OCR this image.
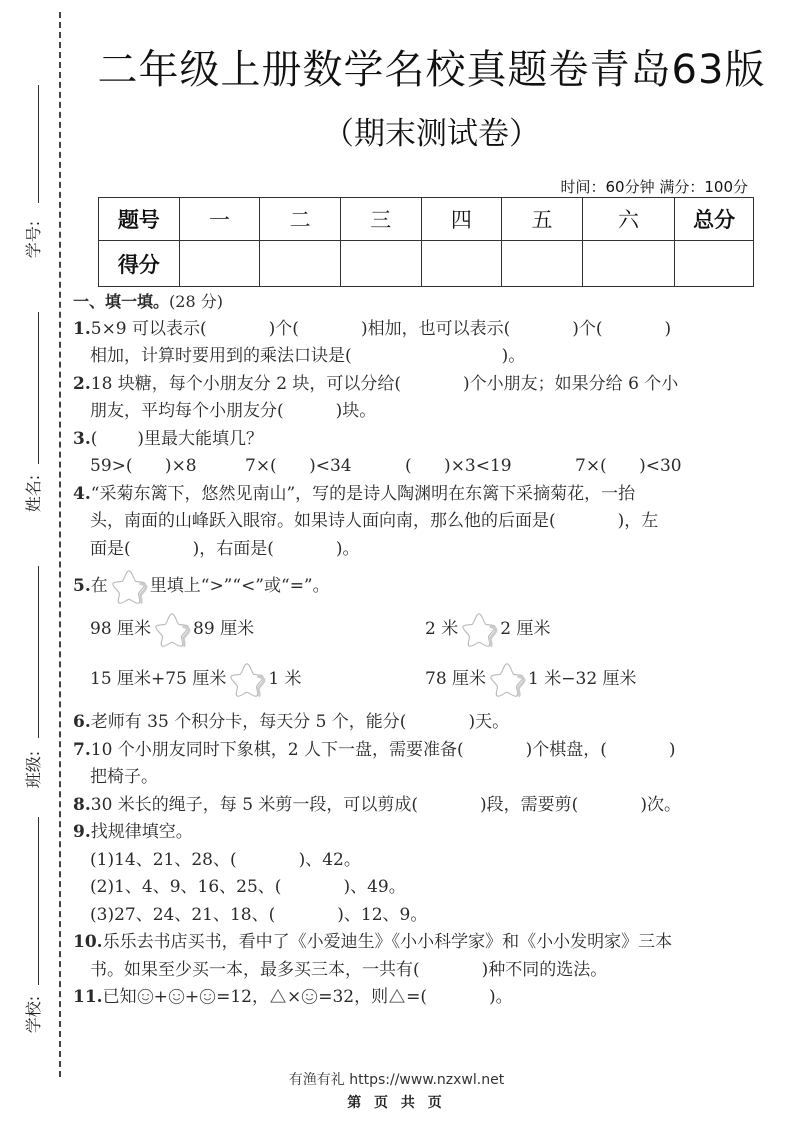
学号:
姓名:
班级:
学校:
二年级上册数学名校真题卷青岛63版
（期末测试卷）
时间：60分钟 满分：100分
题号	一	二	三	四	五	六	总分
得分							
一、填一填。(28 分)
1.5×9 可以表示(	)个(	)相加，也可以表示(	)个(	)
相加，计算时要用到的乘法口诀是(	)。
2.18 块糖，每个小朋友分 2 块，可以分给(	)个小朋友；如果分给 6 个小
朋友，平均每个小朋友分(	)块。
3.( )里最大能填几？
59>(      )×8	7×(      )<34	(      )×3<19	7×(      )<30
4.“采菊东篱下，悠然见南山”，写的是诗人陶渊明在东篱下采摘菊花，一抬
头，南面的山峰跃入眼帘。如果诗人面向南，那么他的后面是(	)，左
面是(	)，右面是(	)。
5. 在 里填上“>”“<”或“=”。
98 厘米 89 厘米	2 米 2 厘米
15 厘米+75 厘米 1 米	78 厘米 1 米−32 厘米
6.老师有 35 个积分卡，每天分 5 个，能分(	)天。
7.10 个小朋友同时下象棋，2 人下一盘，需要准备(	)个棋盘，(	)
把椅子。
8.30 米长的绳子，每 5 米剪一段，可以剪成(	)段，需要剪(	)次。
9.找规律填空。
(1)14、21、28、(	)、42。
(2)1、4、9、16、25、(	)、49。
(3)27、24、21、18、(	)、12、9。
10.乐乐去书店买书，看中了《小爱迪生》《小小科学家》和《小小发明家》三本
书。如果至少买一本，最多买三本，一共有(	)种不同的选法。
11.已知 + + =12， × =32，则 =(	)。
有渔有礼 https://www.nzxwl.net
第 页 共 页
